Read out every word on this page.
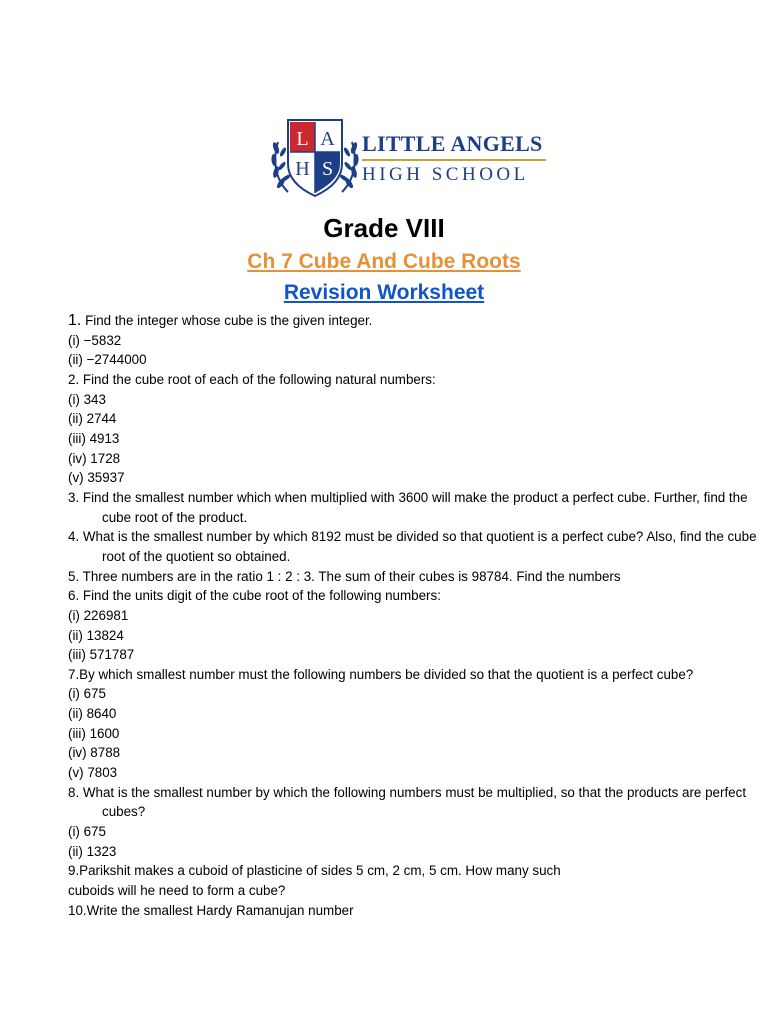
L A
H S
LITTLE ANGELS
HIGH SCHOOL
Grade VIII
Ch 7 Cube And Cube Roots
Revision Worksheet
1. Find the integer whose cube is the given integer.
(i) −5832
(ii) −2744000
2. Find the cube root of each of the following natural numbers:
(i) 343
(ii) 2744
(iii) 4913
(iv) 1728
(v) 35937
3. Find the smallest number which when multiplied with 3600 will make the product a perfect cube. Further, find the cube root of the product.
4. What is the smallest number by which 8192 must be divided so that quotient is a perfect cube? Also, find the cube root of the quotient so obtained.
5. Three numbers are in the ratio 1 : 2 : 3. The sum of their cubes is 98784. Find the numbers
6. Find the units digit of the cube root of the following numbers:
(i) 226981
(ii) 13824
(iii) 571787
7.By which smallest number must the following numbers be divided so that the quotient is a perfect cube?
(i) 675
(ii) 8640
(iii) 1600
(iv) 8788
(v) 7803
8. What is the smallest number by which the following numbers must be multiplied, so that the products are perfect cubes?
(i) 675
(ii) 1323
9.Parikshit makes a cuboid of plasticine of sides 5 cm, 2 cm, 5 cm. How many such
cuboids will he need to form a cube?
10.Write the smallest Hardy Ramanujan number
